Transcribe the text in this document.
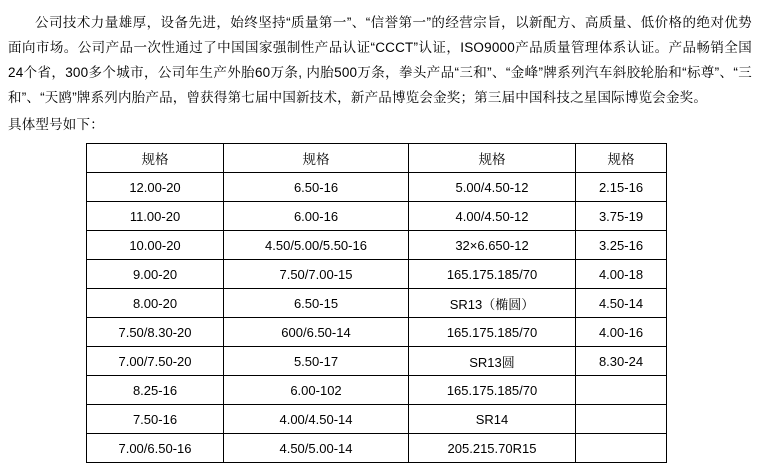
公司技术力量雄厚，设备先进，始终坚持“质量第一”、“信誉第一”的经营宗旨，以新配方、高质量、低价格的绝对优势面向市场。公司产品一次性通过了中国国家强制性产品认证“CCCT”认证，ISO9000产品质量管理体系认证。产品畅销全国24个省，300多个城市，公司年生产外胎60万条, 内胎500万条，拳头产品“三和”、“金峰”牌系列汽车斜胶轮胎和“标尊”、“三和”、“天鸥”牌系列内胎产品，曾获得第七届中国新技术，新产品博览会金奖；第三届中国科技之星国际博览会金奖。

具体型号如下：

规格	规格	规格	规格
12.00-20	6.50-16	5.00/4.50-12	2.15-16
11.00-20	6.00-16	4.00/4.50-12	3.75-19
10.00-20	4.50/5.00/5.50-16	32×6.650-12	3.25-16
9.00-20	7.50/7.00-15	165.175.185/70	4.00-18
8.00-20	6.50-15	SR13（椭圆）	4.50-14
7.50/8.30-20	600/6.50-14	165.175.185/70	4.00-16
7.00/7.50-20	5.50-17	SR13圆	8.30-24
8.25-16	6.00-102	165.175.185/70	
7.50-16	4.00/4.50-14	SR14	
7.00/6.50-16	4.50/5.00-14	205.215.70R15	
